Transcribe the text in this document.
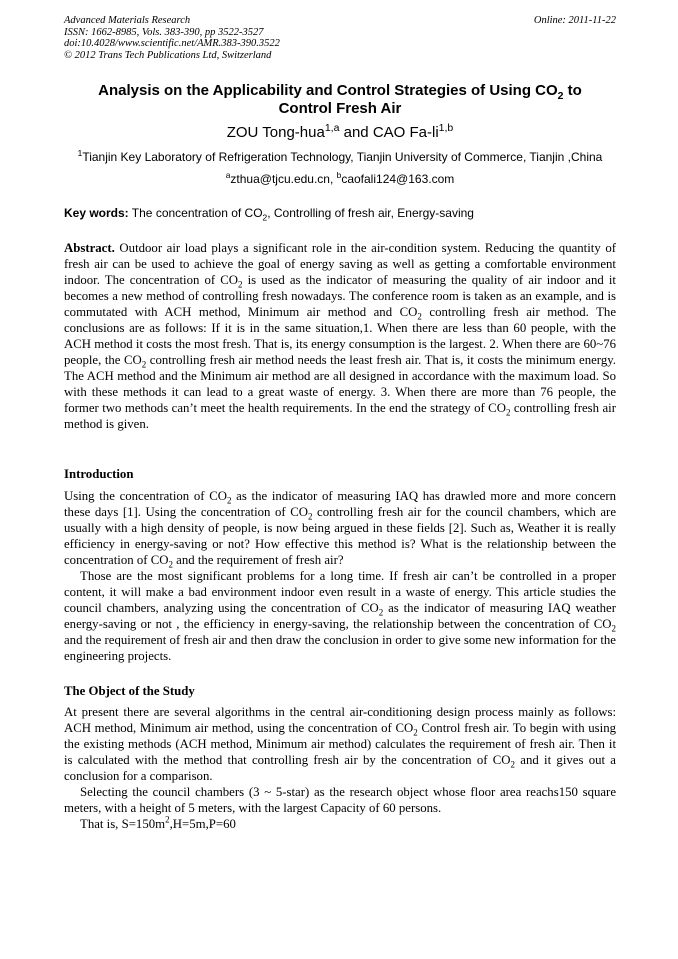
Advanced Materials Research	Online: 2011-11-22
ISSN: 1662-8985, Vols. 383-390, pp 3522-3527
doi:10.4028/www.scientific.net/AMR.383-390.3522
© 2012 Trans Tech Publications Ltd, Switzerland
Analysis on the Applicability and Control Strategies of Using $CO_2$ to
Control Fresh Air
ZOU Tong-hua$^{1,a}$ and CAO Fa-li$^{1,b}$
$^1$Tianjin Key Laboratory of Refrigeration Technology, Tianjin University of Commerce, Tianjin ,China
$^a$zthua@tjcu.edu.cn, $^b$caofali124@163.com
Key words: The concentration of $CO_2$, Controlling of fresh air, Energy-saving

Abstract. Outdoor air load plays a significant role in the air-condition system. Reducing the quantity of fresh air can be used to achieve the goal of energy saving as well as getting a comfortable environment indoor. The concentration of $CO_2$ is used as the indicator of measuring the quality of air indoor and it becomes a new method of controlling fresh nowadays. The conference room is taken as an example, and is commutated with ACH method, Minimum air method and $CO_2$ controlling fresh air method. The conclusions are as follows: If it is in the same situation,1. When there are less than 60 people, with the ACH method it costs the most fresh. That is, its energy consumption is the largest. 2. When there are 60~76 people, the $CO_2$ controlling fresh air method needs the least fresh air. That is, it costs the minimum energy. The ACH method and the Minimum air method are all designed in accordance with the maximum load. So with these methods it can lead to a great waste of energy. 3. When there are more than 76 people, the former two methods can’t meet the health requirements. In the end the strategy of $CO_2$ controlling fresh air method is given.

Introduction

Using the concentration of $CO_2$ as the indicator of measuring IAQ has drawled more and more concern these days [1]. Using the concentration of $CO_2$ controlling fresh air for the council chambers, which are usually with a high density of people, is now being argued in these fields [2]. Such as, Weather it is really efficiency in energy-saving or not? How effective this method is? What is the relationship between the concentration of $CO_2$ and the requirement of fresh air?

Those are the most significant problems for a long time. If fresh air can’t be controlled in a proper content, it will make a bad environment indoor even result in a waste of energy. This article studies the council chambers, analyzing using the concentration of $CO_2$ as the indicator of measuring IAQ weather energy-saving or not , the efficiency in energy-saving, the relationship between the concentration of $CO_2$ and the requirement of fresh air and then draw the conclusion in order to give some new information for the engineering projects.

The Object of the Study

At present there are several algorithms in the central air-conditioning design process mainly as follows: ACH method, Minimum air method, using the concentration of $CO_2$ Control fresh air. To begin with using the existing methods (ACH method, Minimum air method) calculates the requirement of fresh air. Then it is calculated with the method that controlling fresh air by the concentration of $CO_2$ and it gives out a conclusion for a comparison.

Selecting the council chambers (3 ~ 5-star) as the research object whose floor area reachs150 square meters, with a height of 5 meters, with the largest Capacity of 60 persons.

That is, $S=150m^2,H=5m,P=60$
